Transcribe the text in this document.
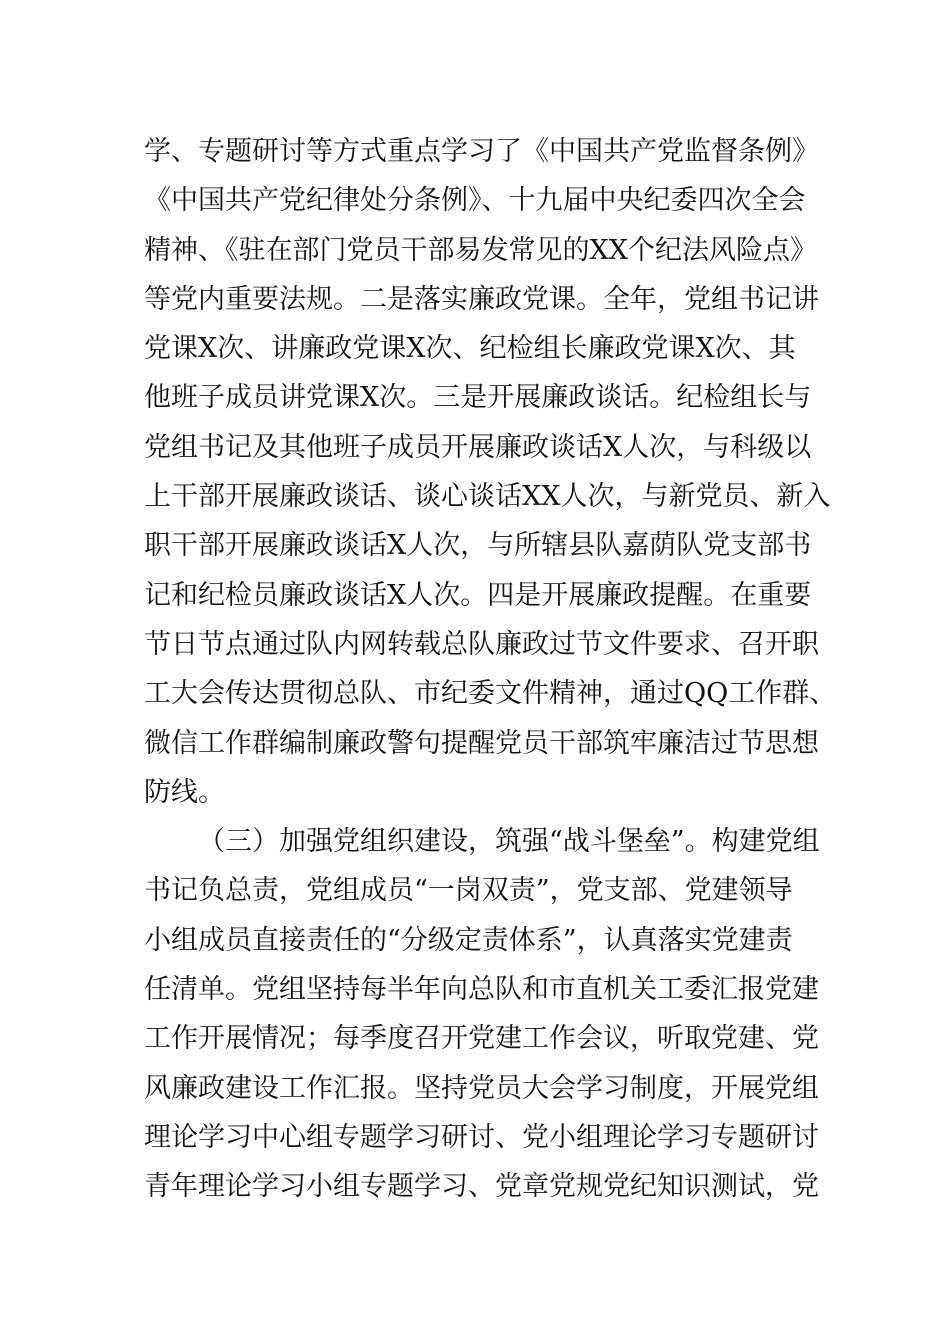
学、专题研讨等方式重点学习了《中国共产党监督条例》
《中国共产党纪律处分条例》、十九届中央纪委四次全会
精神、《驻在部门党员干部易发常见的XX个纪法风险点》
等党内重要法规。二是落实廉政党课。全年，党组书记讲
党课X次、讲廉政党课X次、纪检组长廉政党课X次、其
他班子成员讲党课X次。三是开展廉政谈话。纪检组长与
党组书记及其他班子成员开展廉政谈话X人次，与科级以
上干部开展廉政谈话、谈心谈话XX人次，与新党员、新入
职干部开展廉政谈话X人次，与所辖县队嘉荫队党支部书
记和纪检员廉政谈话X人次。四是开展廉政提醒。在重要
节日节点通过队内网转载总队廉政过节文件要求、召开职
工大会传达贯彻总队、市纪委文件精神，通过QQ工作群、
微信工作群编制廉政警句提醒党员干部筑牢廉洁过节思想
防线。
（三）加强党组织建设，筑强“战斗堡垒”。构建党组
书记负总责，党组成员“一岗双责”，党支部、党建领导
小组成员直接责任的“分级定责体系”，认真落实党建责
任清单。党组坚持每半年向总队和市直机关工委汇报党建
工作开展情况；每季度召开党建工作会议，听取党建、党
风廉政建设工作汇报。坚持党员大会学习制度，开展党组
理论学习中心组专题学习研讨、党小组理论学习专题研讨
青年理论学习小组专题学习、党章党规党纪知识测试，党
